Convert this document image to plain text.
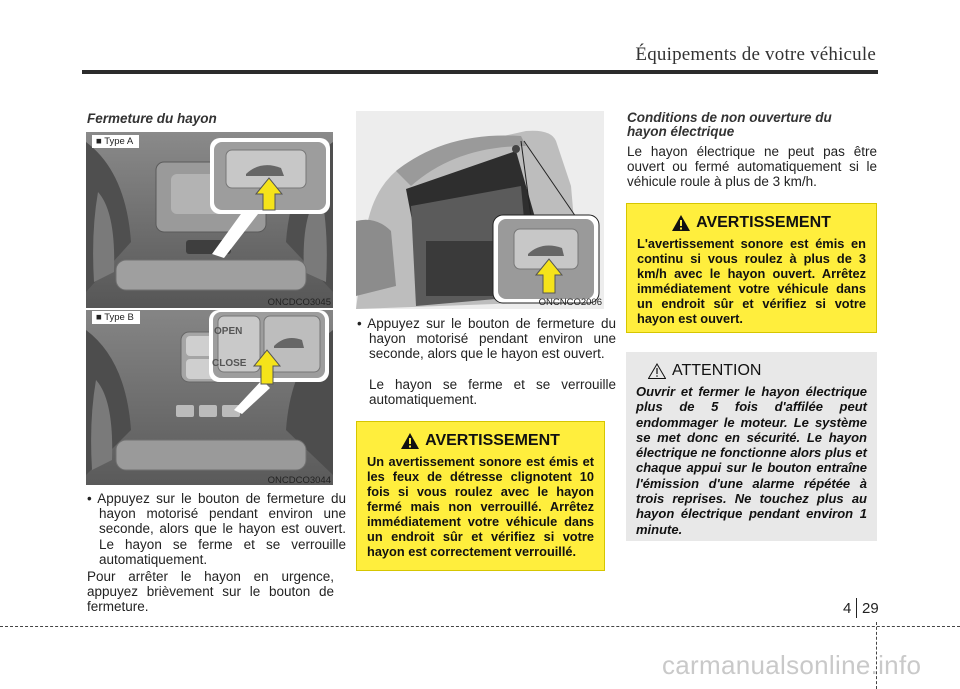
Équipements de votre véhicule
Fermeture du hayon
■ Type A
ONCDCO3045
OPEN
CLOSE
■ Type B
ONCDCO3044
• Appuyez sur le bouton de fermeture du hayon motorisé pendant environ une seconde, alors que le hayon est ouvert. Le hayon se ferme et se verrouille automatiquement.
Pour arrêter le hayon en urgence, appuyez brièvement sur le bouton de fermeture.
ONCNCO2006
• Appuyez sur le bouton de fermeture du hayon motorisé pendant environ une seconde, alors que le hayon est ouvert.
Le hayon se ferme et se verrouille automatiquement.
AVERTISSEMENT
Un avertissement sonore est émis et les feux de détresse clignotent 10 fois si vous roulez avec le hayon fermé mais non verrouillé. Arrêtez immédiatement votre véhicule dans un endroit sûr et vérifiez si votre hayon est correctement verrouillé.
Conditions de non ouverture du
hayon électrique
Le hayon électrique ne peut pas être ouvert ou fermé automatiquement si le véhicule roule à plus de 3 km/h.
AVERTISSEMENT
L'avertissement sonore est émis en continu si vous roulez à plus de 3 km/h avec le hayon ouvert. Arrêtez immédiatement votre véhicule dans un endroit sûr et vérifiez si votre hayon est ouvert.
ATTENTION
Ouvrir et fermer le hayon électrique plus de 5 fois d'affilée peut endommager le moteur. Le système se met donc en sécurité. Le hayon électrique ne fonctionne alors plus et chaque appui sur le bouton entraîne l'émission d'une alarme répétée à trois reprises. Ne touchez plus au hayon électrique pendant environ 1 minute.
4 29
carmanualsonline.info
